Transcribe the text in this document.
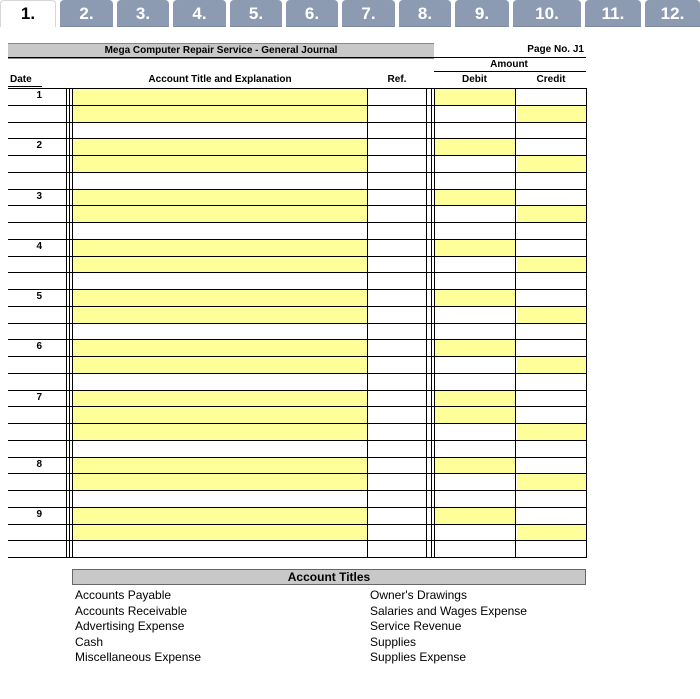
1.	2.	3.	4.	5.	6.	7.	8.	9.	10.	11.	12.
Mega Computer Repair Service - General Journal	Page No. J1
Amount
Date	Account Title and Explanation	Ref.	Debit	Credit
1
2
3
4
5
6
7
8
9
Account Titles
Accounts Payable
Accounts Receivable
Advertising Expense
Cash
Miscellaneous Expense
Owner's Drawings
Salaries and Wages Expense
Service Revenue
Supplies
Supplies Expense
